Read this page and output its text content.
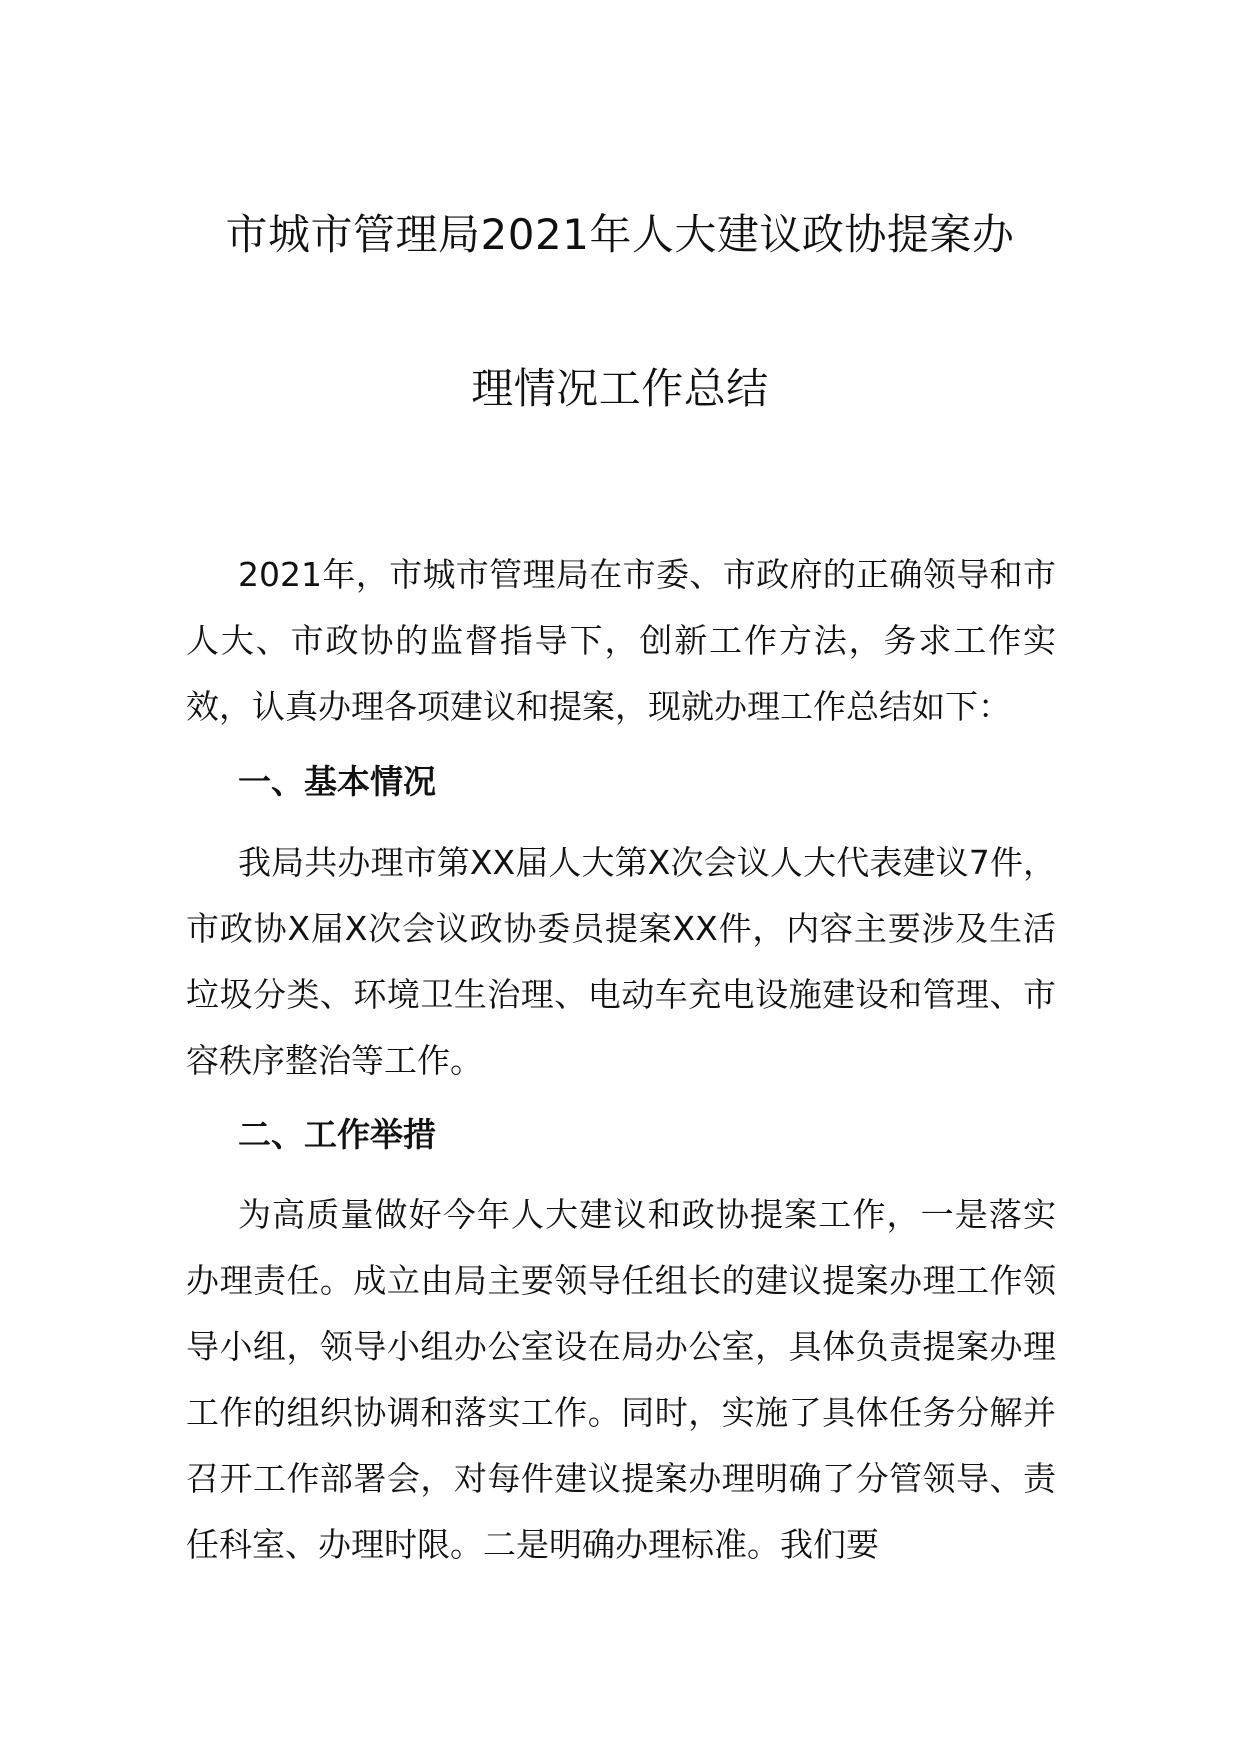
市城市管理局2021年人大建议政协提案办
理情况工作总结

2021年，市城市管理局在市委、市政府的正确领导和市人大、市政协的监督指导下，创新工作方法，务求工作实效，认真办理各项建议和提案，现就办理工作总结如下：

一、基本情况

我局共办理市第XX届人大第X次会议人大代表建议7件，市政协X届X次会议政协委员提案XX件，内容主要涉及生活垃圾分类、环境卫生治理、电动车充电设施建设和管理、市容秩序整治等工作。

二、工作举措

为高质量做好今年人大建议和政协提案工作，一是落实办理责任。成立由局主要领导任组长的建议提案办理工作领导小组，领导小组办公室设在局办公室，具体负责提案办理工作的组织协调和落实工作。同时，实施了具体任务分解并召开工作部署会，对每件建议提案办理明确了分管领导、责任科室、办理时限。二是明确办理标准。我们要
